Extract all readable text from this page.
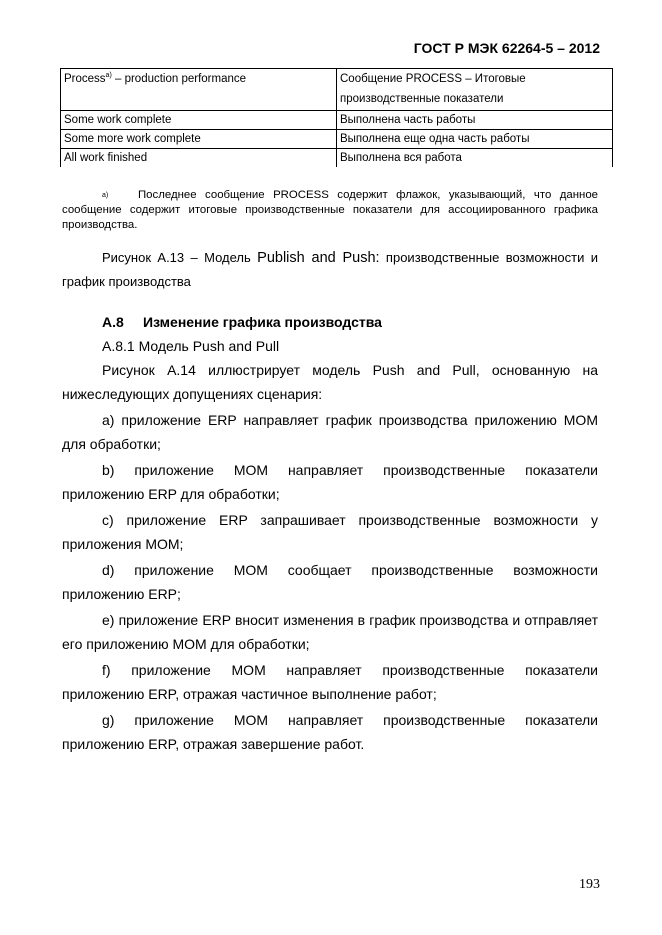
ГОСТ Р МЭК 62264-5 – 2012
Process$^{a)}$ – production performance	Сообщение PROCESS – Итоговые
производственные показатели
Some work complete	Выполнена часть работы
Some more work complete	Выполнена еще одна часть работы
All work finished	Выполнена вся работа
a)	Последнее сообщение PROCESS содержит флажок, указывающий, что данное сообщение содержит итоговые производственные показатели для ассоциированного графика производства.
Рисунок А.13 – Модель Publish and Push: производственные возможности и график производства
А.8 Изменение графика производства
А.8.1 Модель Push and Pull

Рисунок А.14 иллюстрирует модель Push and Pull, основанную на нижеследующих допущениях сценария:

a) приложение ERP направляет график производства приложению МОМ для обработки;

b) приложение МОМ направляет производственные показатели приложению ERP для обработки;

c) приложение ERP запрашивает производственные возможности у приложения МОМ;

d) приложение МОМ сообщает производственные возможности приложению ERP;

e) приложение ERP вносит изменения в график производства и отправляет его приложению МОМ для обработки;

f) приложение МОМ направляет производственные показатели приложению ERP, отражая частичное выполнение работ;

g) приложение МОМ направляет производственные показатели приложению ERP, отражая завершение работ.

193
